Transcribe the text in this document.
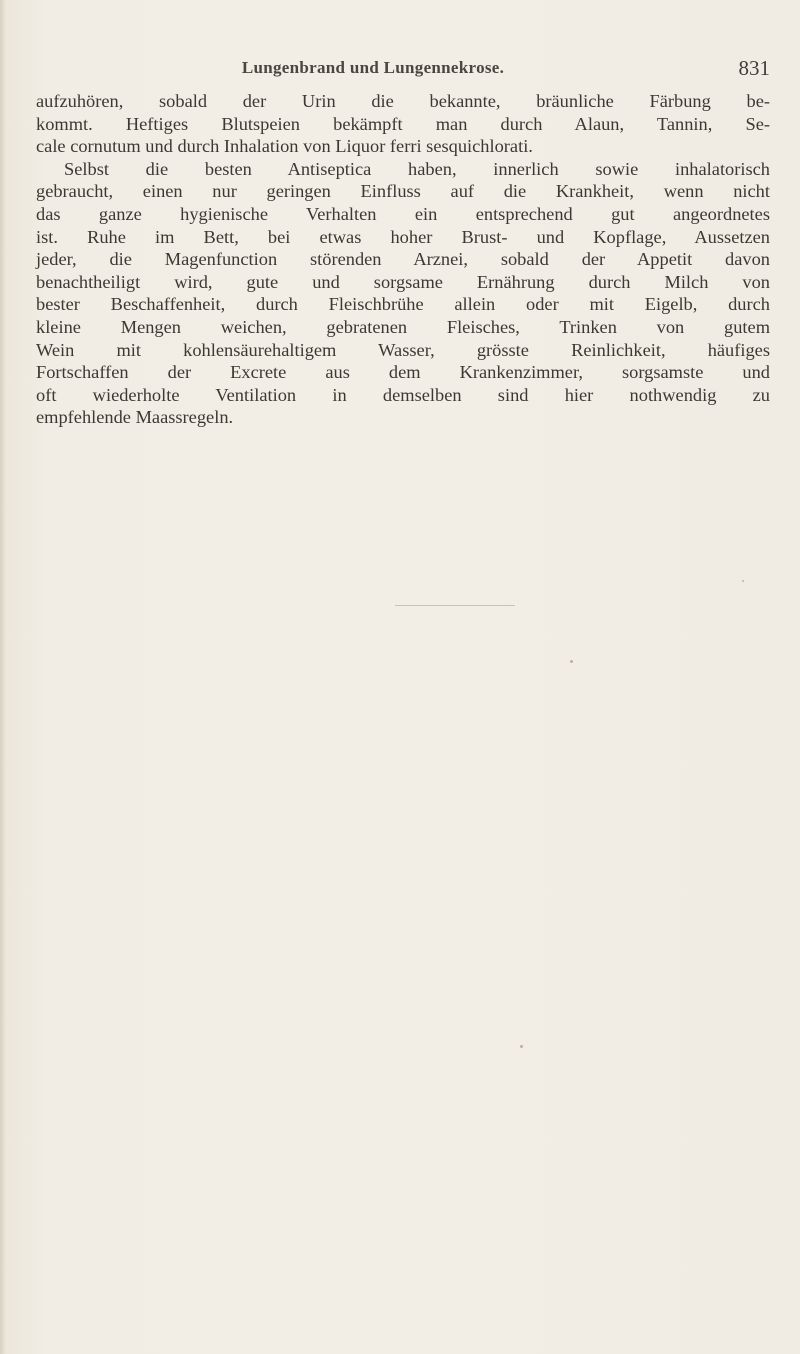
Lungenbrand und Lungennekrose.	831
aufzuhören, sobald der Urin die bekannte, bräunliche Färbung be-
kommt. Heftiges Blutspeien bekämpft man durch Alaun, Tannin, Se-
cale cornutum und durch Inhalation von Liquor ferri sesquichlorati.
Selbst die besten Antiseptica haben, innerlich sowie inhalatorisch
gebraucht, einen nur geringen Einfluss auf die Krankheit, wenn nicht
das ganze hygienische Verhalten ein entsprechend gut angeordnetes
ist. Ruhe im Bett, bei etwas hoher Brust- und Kopflage, Aussetzen
jeder, die Magenfunction störenden Arznei, sobald der Appetit davon
benachtheiligt wird, gute und sorgsame Ernährung durch Milch von
bester Beschaffenheit, durch Fleischbrühe allein oder mit Eigelb, durch
kleine Mengen weichen, gebratenen Fleisches, Trinken von gutem
Wein mit kohlensäurehaltigem Wasser, grösste Reinlichkeit, häufiges
Fortschaffen der Excrete aus dem Krankenzimmer, sorgsamste und
oft wiederholte Ventilation in demselben sind hier nothwendig zu
empfehlende Maassregeln.
